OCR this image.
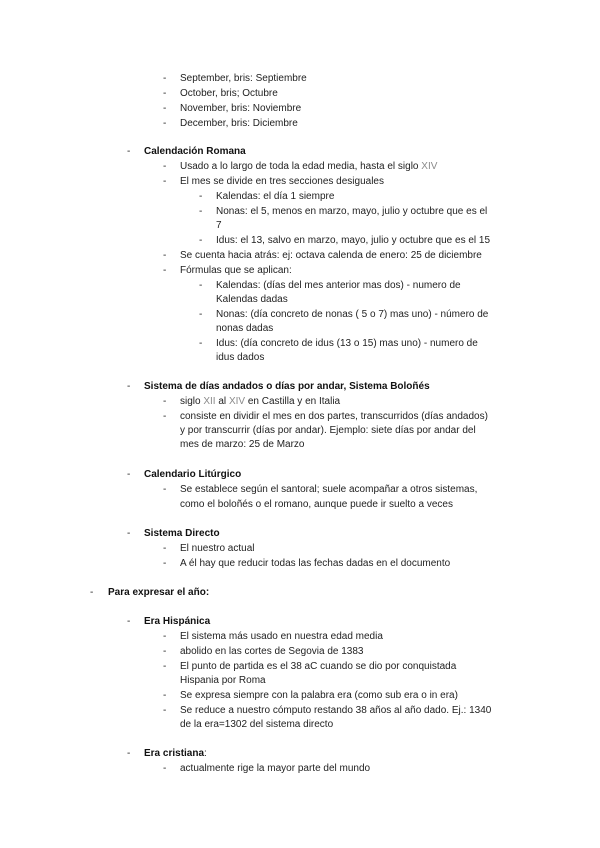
- September, bris: Septiembre
- October, bris; Octubre
- November, bris: Noviembre
- December, bris: Diciembre
- Calendación Romana
- Usado a lo largo de toda la edad media, hasta el siglo XIV
- El mes se divide en tres secciones desiguales
- Kalendas: el día 1 siempre
- Nonas: el 5, menos en marzo, mayo, julio y octubre que es el
7
- Idus: el 13, salvo en marzo, mayo, julio y octubre que es el 15
- Se cuenta hacia atrás: ej: octava calenda de enero: 25 de diciembre
- Fórmulas que se aplican:
- Kalendas: (días del mes anterior mas dos) - numero de
Kalendas dadas
- Nonas: (día concreto de nonas ( 5 o 7) mas uno) - número de
nonas dadas
- Idus: (día concreto de idus (13 o 15) mas uno) - numero de
idus dados
- Sistema de días andados o días por andar, Sistema Boloñés
- siglo XII al XIV en Castilla y en Italia
- consiste en dividir el mes en dos partes, transcurridos (días andados)
y por transcurrir (días por andar). Ejemplo: siete días por andar del
mes de marzo: 25 de Marzo
- Calendario Litúrgico
- Se establece según el santoral; suele acompañar a otros sistemas,
como el boloñés o el romano, aunque puede ir suelto a veces
- Sistema Directo
- El nuestro actual
- A él hay que reducir todas las fechas dadas en el documento
- Para expresar el año:
- Era Hispánica
- El sistema más usado en nuestra edad media
- abolido en las cortes de Segovia de 1383
- El punto de partida es el 38 aC cuando se dio por conquistada
Hispania por Roma
- Se expresa siempre con la palabra era (como sub era o in era)
- Se reduce a nuestro cómputo restando 38 años al año dado. Ej.: 1340
de la era=1302 del sistema directo
- Era cristiana:
- actualmente rige la mayor parte del mundo
